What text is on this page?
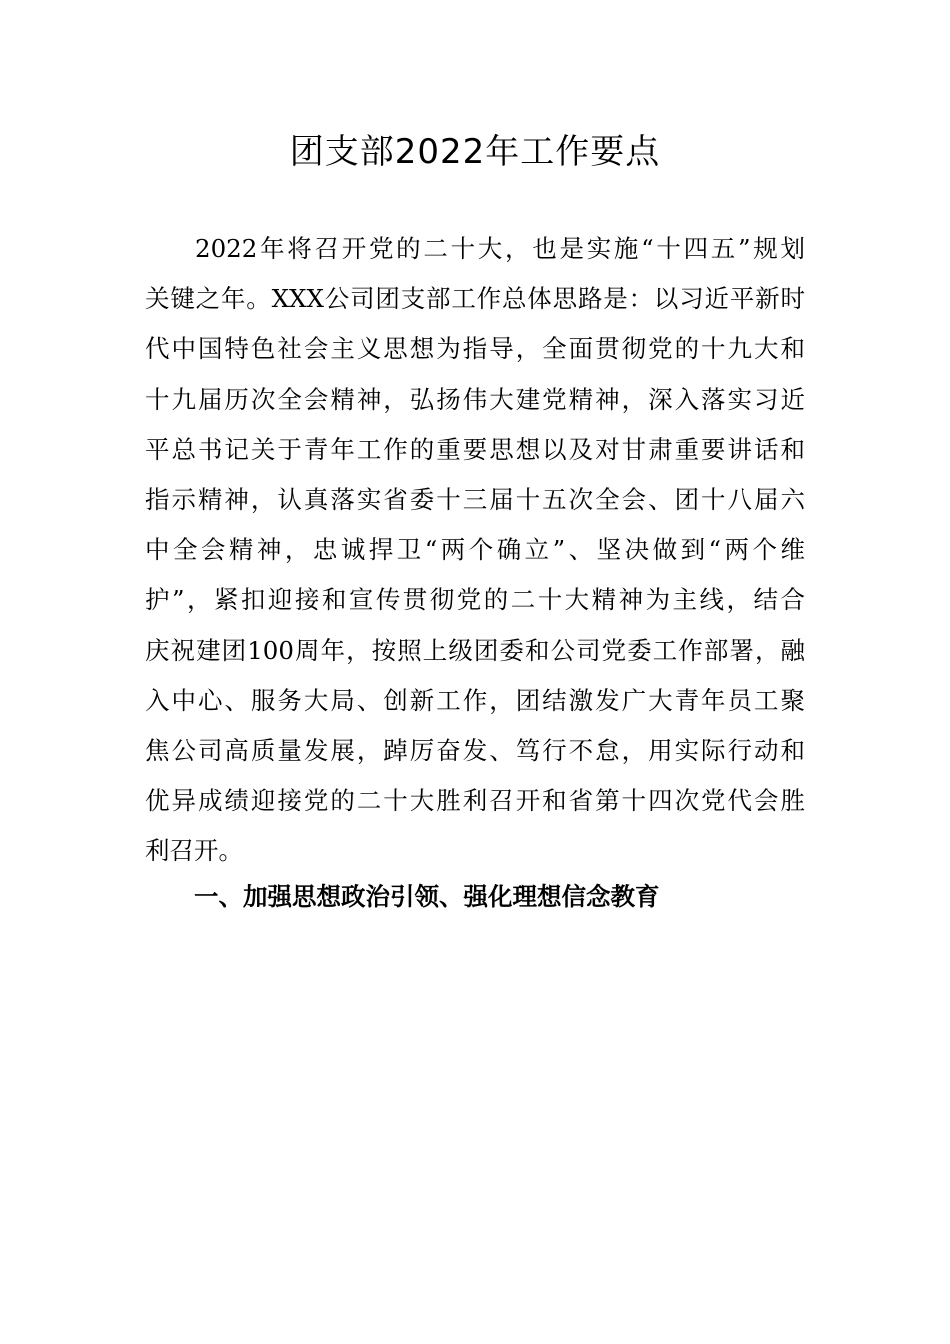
团支部2022年工作要点
2022年将召开党的二十大，也是实施“十四五”规划
关键之年。XXX公司团支部工作总体思路是：以习近平新时
代中国特色社会主义思想为指导，全面贯彻党的十九大和
十九届历次全会精神，弘扬伟大建党精神，深入落实习近
平总书记关于青年工作的重要思想以及对甘肃重要讲话和
指示精神，认真落实省委十三届十五次全会、团十八届六
中全会精神，忠诚捍卫“两个确立”、坚决做到“两个维
护”，紧扣迎接和宣传贯彻党的二十大精神为主线，结合
庆祝建团100周年，按照上级团委和公司党委工作部署，融
入中心、服务大局、创新工作，团结激发广大青年员工聚
焦公司高质量发展，踔厉奋发、笃行不怠，用实际行动和
优异成绩迎接党的二十大胜利召开和省第十四次党代会胜
利召开。
一、加强思想政治引领、强化理想信念教育
